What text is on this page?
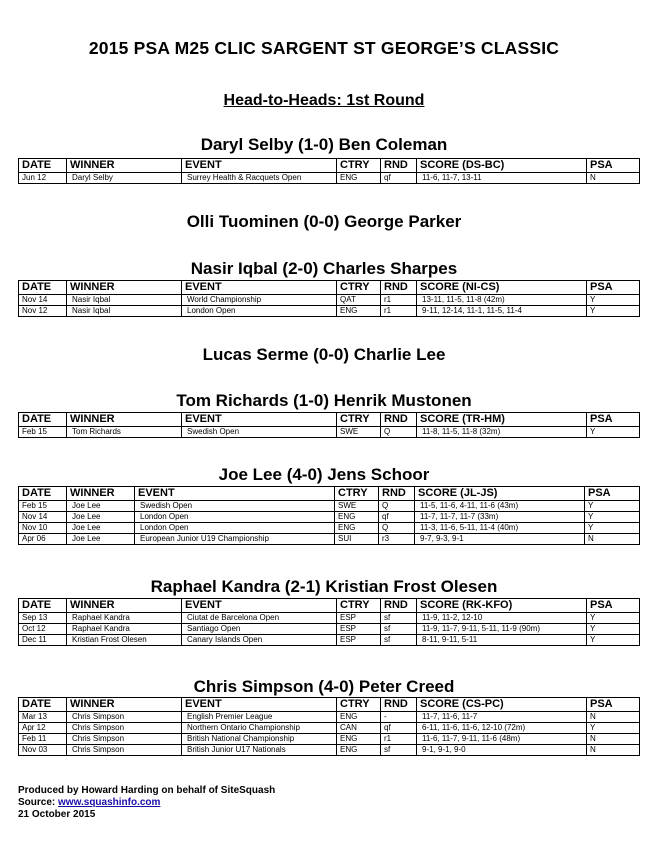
2015 PSA M25 CLIC SARGENT ST GEORGE’S CLASSIC
Head-to-Heads: 1st Round
Daryl Selby (1-0) Ben Coleman
DATE	WINNER	EVENT	CTRY	RND	SCORE (DS-BC)	PSA
Jun 12	Daryl Selby	Surrey Health & Racquets Open	ENG	qf	11-6, 11-7, 13-11	N
Olli Tuominen (0-0) George Parker
Nasir Iqbal (2-0) Charles Sharpes
DATE	WINNER	EVENT	CTRY	RND	SCORE (NI-CS)	PSA
Nov 14	Nasir Iqbal	World Championship	QAT	r1	13-11, 11-5, 11-8 (42m)	Y
Nov 12	Nasir Iqbal	London Open	ENG	r1	9-11, 12-14, 11-1, 11-5, 11-4	Y
Lucas Serme (0-0) Charlie Lee
Tom Richards (1-0) Henrik Mustonen
DATE	WINNER	EVENT	CTRY	RND	SCORE (TR-HM)	PSA
Feb 15	Tom Richards	Swedish Open	SWE	Q	11-8, 11-5, 11-8 (32m)	Y
Joe Lee (4-0) Jens Schoor
DATE	WINNER	EVENT	CTRY	RND	SCORE (JL-JS)	PSA
Feb 15	Joe Lee	Swedish Open	SWE	Q	11-5, 11-6, 4-11, 11-6 (43m)	Y
Nov 14	Joe Lee	London Open	ENG	qf	11-7, 11-7, 11-7 (33m)	Y
Nov 10	Joe Lee	London Open	ENG	Q	11-3, 11-6, 5-11, 11-4 (40m)	Y
Apr 06	Joe Lee	European Junior U19 Championship	SUI	r3	9-7, 9-3, 9-1	N
Raphael Kandra (2-1) Kristian Frost Olesen
DATE	WINNER	EVENT	CTRY	RND	SCORE (RK-KFO)	PSA
Sep 13	Raphael Kandra	Ciutat de Barcelona Open	ESP	sf	11-9, 11-2, 12-10	Y
Oct 12	Raphael Kandra	Santiago Open	ESP	sf	11-9, 11-7, 9-11, 5-11, 11-9 (90m)	Y
Dec 11	Kristian Frost Olesen	Canary Islands Open	ESP	sf	8-11, 9-11, 5-11	Y
Chris Simpson (4-0) Peter Creed
DATE	WINNER	EVENT	CTRY	RND	SCORE (CS-PC)	PSA
Mar 13	Chris Simpson	English Premier League	ENG	-	11-7, 11-6, 11-7	N
Apr 12	Chris Simpson	Northern Ontario Championship	CAN	qf	6-11, 11-6, 11-6, 12-10 (72m)	Y
Feb 11	Chris Simpson	British National Championship	ENG	r1	11-6, 11-7, 9-11, 11-6 (48m)	N
Nov 03	Chris Simpson	British Junior U17 Nationals	ENG	sf	9-1, 9-1, 9-0	N
Produced by Howard Harding on behalf of SiteSquash
Source: www.squashinfo.com
21 October 2015
